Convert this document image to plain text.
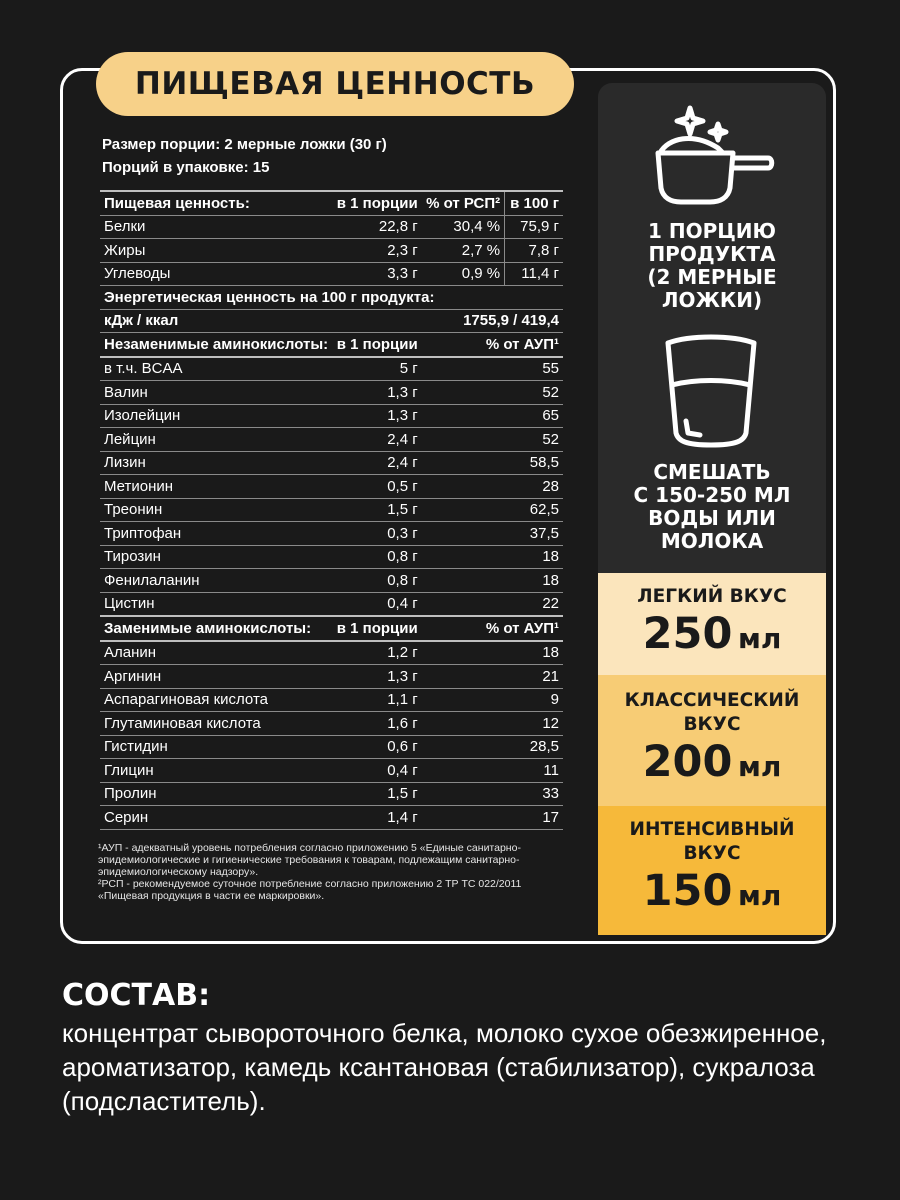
ПИЩЕВАЯ ЦЕННОСТЬ
Размер порции: 2 мерные ложки (30 г)
Порций в упаковке: 15
Пищевая ценность:	в 1 порции	% от РСП²	в 100 г
Белки	22,8 г	30,4 %	75,9 г
Жиры	2,3 г	2,7 %	7,8 г
Углеводы	3,3 г	0,9 %	11,4 г
Энергетическая ценность на 100 г продукта:			
кДж / ккал		1755,9 / 419,4	
Незаменимые аминокислоты:	в 1 порции	% от АУП¹	
в т.ч. BCAA	5 г	55	
Валин	1,3 г	52	
Изолейцин	1,3 г	65	
Лейцин	2,4 г	52	
Лизин	2,4 г	58,5	
Метионин	0,5 г	28	
Треонин	1,5 г	62,5	
Триптофан	0,3 г	37,5	
Тирозин	0,8 г	18	
Фенилаланин	0,8 г	18	
Цистин	0,4 г	22	
Заменимые аминокислоты:	в 1 порции	% от АУП¹	
Аланин	1,2 г	18	
Аргинин	1,3 г	21	
Аспарагиновая кислота	1,1 г	9	
Глутаминовая кислота	1,6 г	12	
Гистидин	0,6 г	28,5	
Глицин	0,4 г	11	
Пролин	1,5 г	33	
Серин	1,4 г	17	
¹АУП - адекватный уровень потребления согласно приложению 5 «Единые санитарно-эпидемиологические и гигиенические требования к товарам, подлежащим санитарно-эпидемиологическому надзору».
²РСП - рекомендуемое суточное потребление согласно приложению 2 ТР ТС 022/2011 «Пищевая продукция в части ее маркировки».
1 ПОРЦИЮ
ПРОДУКТА
(2 МЕРНЫЕ
ЛОЖКИ)
СМЕШАТЬ
С 150-250 МЛ
ВОДЫ ИЛИ
МОЛОКА
ЛЕГКИЙ ВКУС
250 мл
КЛАССИЧЕСКИЙ
ВКУС
200 мл
ИНТЕНСИВНЫЙ
ВКУС
150 мл
СОСТАВ:
концентрат сывороточного белка, молоко сухое обезжиренное, ароматизатор, камедь ксантановая (стабилизатор), сукралоза (подсластитель).
